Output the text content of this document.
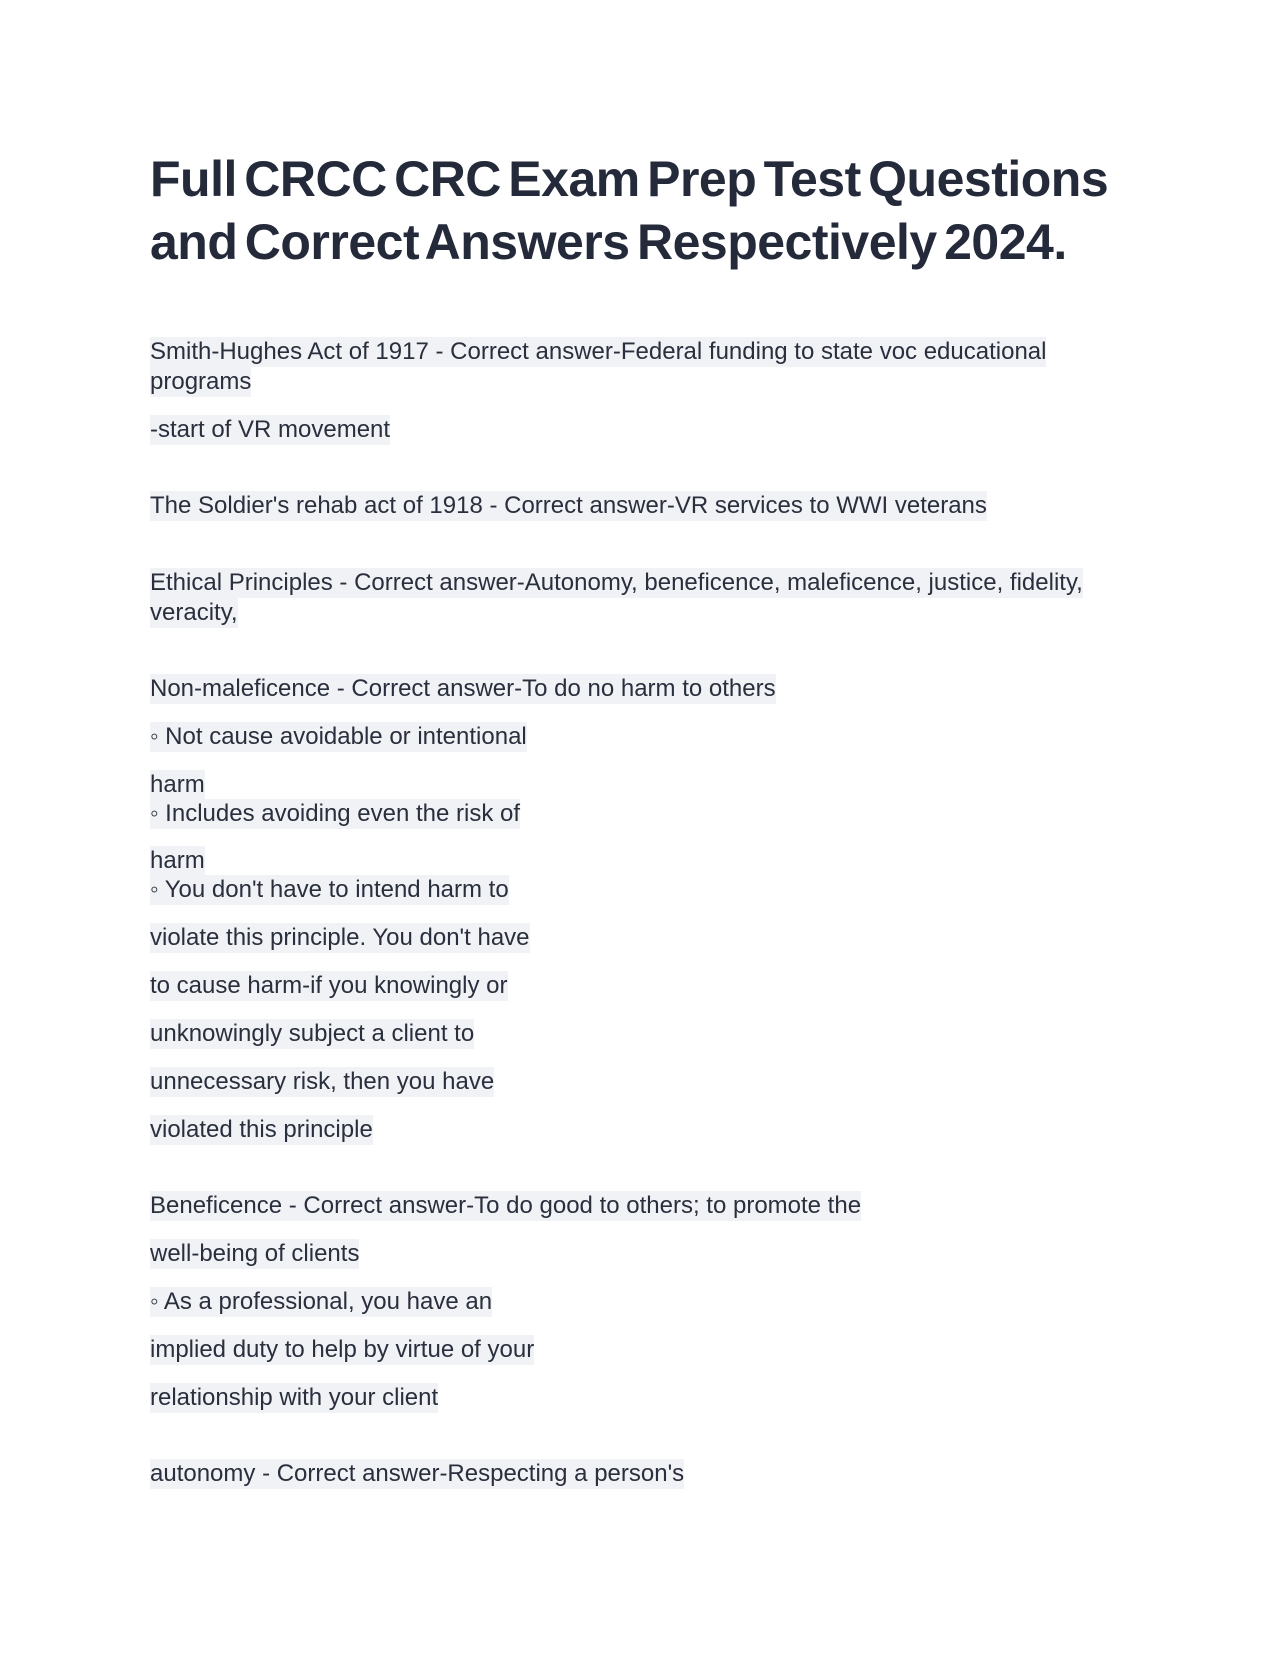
Full CRCC CRC Exam Prep Test Questions and Correct Answers Respectively 2024.

Smith-Hughes Act of 1917 - Correct answer-Federal funding to state voc educational

programs

-start of VR movement

The Soldier's rehab act of 1918 - Correct answer-VR services to WWI veterans

Ethical Principles - Correct answer-Autonomy, beneficence, maleficence, justice, fidelity,

veracity,

Non-maleficence - Correct answer-To do no harm to others

◦ Not cause avoidable or intentional

harm

◦ Includes avoiding even the risk of

harm

◦ You don't have to intend harm to

violate this principle. You don't have

to cause harm-if you knowingly or

unknowingly subject a client to

unnecessary risk, then you have

violated this principle

Beneficence - Correct answer-To do good to others; to promote the

well-being of clients

◦ As a professional, you have an

implied duty to help by virtue of your

relationship with your client

autonomy - Correct answer-Respecting a person's
